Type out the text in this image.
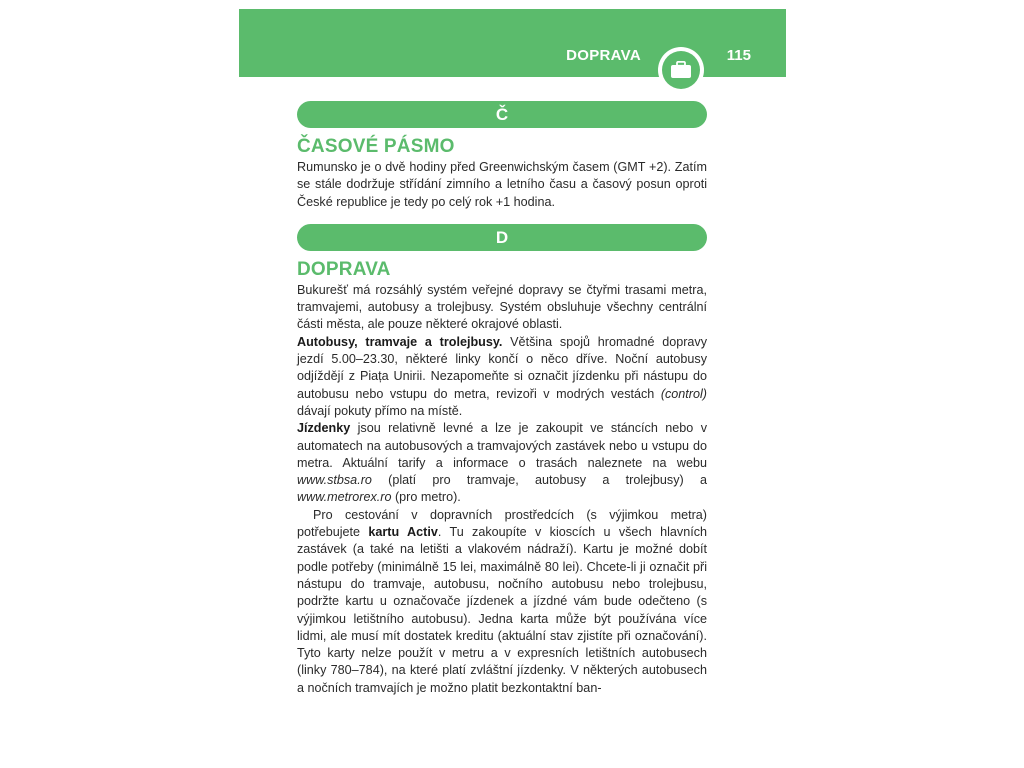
DOPRAVA	115
Č
ČASOVÉ PÁSMO

Rumunsko je o dvě hodiny před Greenwichským časem (GMT +2). Zatím se stále dodržuje střídání zimního a letního času a časový posun oproti České republice je tedy po celý rok +1 hodina.

D
DOPRAVA

Bukurešť má rozsáhlý systém veřejné dopravy se čtyřmi trasami metra, tramvajemi, autobusy a trolejbusy. Systém obsluhuje všechny centrální části města, ale pouze některé okrajové oblasti.

Autobusy, tramvaje a trolejbusy. Většina spojů hromadné dopravy jezdí 5.00–23.30, některé linky končí o něco dříve. Noční autobusy odjíždějí z Piața Unirii. Nezapomeňte si označit jízdenku při nástupu do autobusu nebo vstupu do metra, revizoři v modrých vestách (control) dávají pokuty přímo na místě.

Jízdenky jsou relativně levné a lze je zakoupit ve stáncích nebo v automatech na autobusových a tramvajových zastávek nebo u vstupu do metra. Aktuální tarify a informace o trasách naleznete na webu www.stbsa.ro (platí pro tramvaje, autobusy a trolejbusy) a www.metrorex.ro (pro metro).

Pro cestování v dopravních prostředcích (s výjimkou metra) potřebujete kartu Activ. Tu zakoupíte v kioscích u všech hlavních zastávek (a také na letišti a vlakovém nádraží). Kartu je možné dobít podle potřeby (minimálně 15 lei, maximálně 80 lei). Chcete-li ji označit při nástupu do tramvaje, autobusu, nočního autobusu nebo trolejbusu, podržte kartu u označovače jízdenek a jízdné vám bude odečteno (s výjimkou letištního autobusu). Jedna karta může být používána více lidmi, ale musí mít dostatek kreditu (aktuální stav zjistíte při označování). Tyto karty nelze použít v metru a v expresních letištních autobusech (linky 780–784), na které platí zvláštní jízdenky. V některých autobusech a nočních tramvajích je možno platit bezkontaktní ban-
